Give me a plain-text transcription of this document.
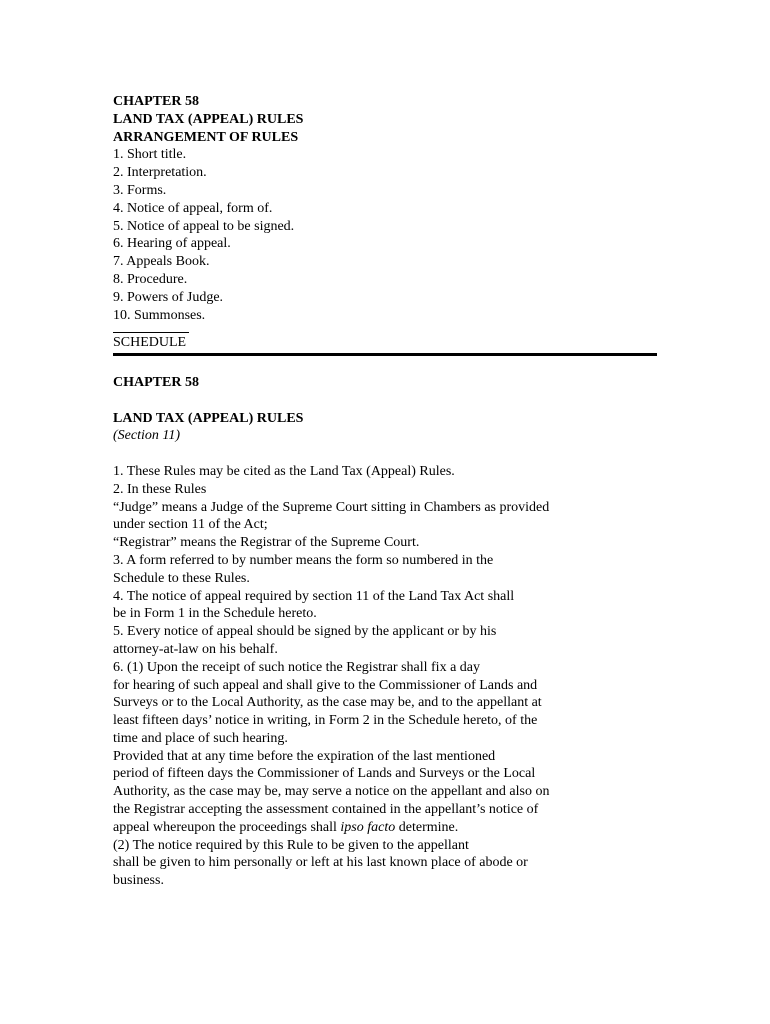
CHAPTER 58
LAND TAX (APPEAL) RULES
ARRANGEMENT OF RULES
1. Short title.
2. Interpretation.
3. Forms.
4. Notice of appeal, form of.
5. Notice of appeal to be signed.
6. Hearing of appeal.
7. Appeals Book.
8. Procedure.
9. Powers of Judge.
10. Summonses.
SCHEDULE
CHAPTER 58
LAND TAX (APPEAL) RULES
(Section 11)
1. These Rules may be cited as the Land Tax (Appeal) Rules.
2. In these Rules
“Judge” means a Judge of the Supreme Court sitting in Chambers as provided
under section 11 of the Act;
“Registrar” means the Registrar of the Supreme Court.
3. A form referred to by number means the form so numbered in the
Schedule to these Rules.
4. The notice of appeal required by section 11 of the Land Tax Act shall
be in Form 1 in the Schedule hereto.
5. Every notice of appeal should be signed by the applicant or by his
attorney-at-law on his behalf.
6. (1) Upon the receipt of such notice the Registrar shall fix a day
for hearing of such appeal and shall give to the Commissioner of Lands and
Surveys or to the Local Authority, as the case may be, and to the appellant at
least fifteen days’ notice in writing, in Form 2 in the Schedule hereto, of the
time and place of such hearing.
Provided that at any time before the expiration of the last mentioned
period of fifteen days the Commissioner of Lands and Surveys or the Local
Authority, as the case may be, may serve a notice on the appellant and also on
the Registrar accepting the assessment contained in the appellant’s notice of
appeal whereupon the proceedings shall ipso facto determine.
(2) The notice required by this Rule to be given to the appellant
shall be given to him personally or left at his last known place of abode or
business.
